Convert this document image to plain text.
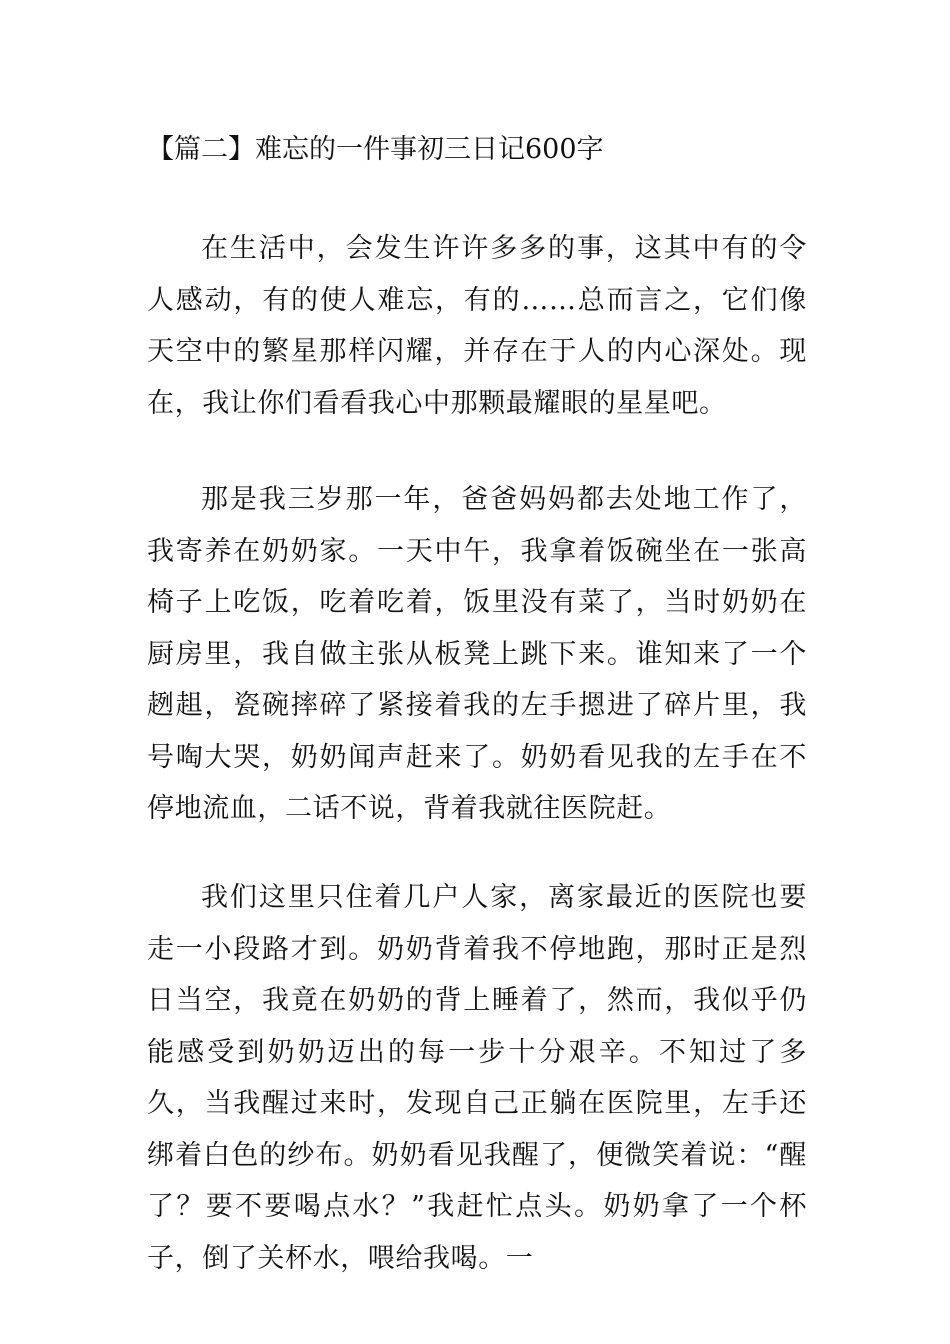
【篇二】难忘的一件事初三日记600字

在生活中，会发生许许多多的事，这其中有的令人感动，有的使人难忘，有的……总而言之，它们像天空中的繁星那样闪耀，并存在于人的内心深处。现在，我让你们看看我心中那颗最耀眼的星星吧。

那是我三岁那一年，爸爸妈妈都去处地工作了，我寄养在奶奶家。一天中午，我拿着饭碗坐在一张高椅子上吃饭，吃着吃着，饭里没有菜了，当时奶奶在厨房里，我自做主张从板凳上跳下来。谁知来了一个趔趄，瓷碗摔碎了紧接着我的左手摁进了碎片里，我号啕大哭，奶奶闻声赶来了。奶奶看见我的左手在不停地流血，二话不说，背着我就往医院赶。

我们这里只住着几户人家，离家最近的医院也要走一小段路才到。奶奶背着我不停地跑，那时正是烈日当空，我竟在奶奶的背上睡着了，然而，我似乎仍能感受到奶奶迈出的每一步十分艰辛。不知过了多久，当我醒过来时，发现自己正躺在医院里，左手还绑着白色的纱布。奶奶看见我醒了，便微笑着说：“醒了？要不要喝点水？”我赶忙点头。奶奶拿了一个杯子，倒了关杯水，喂给我喝。一
